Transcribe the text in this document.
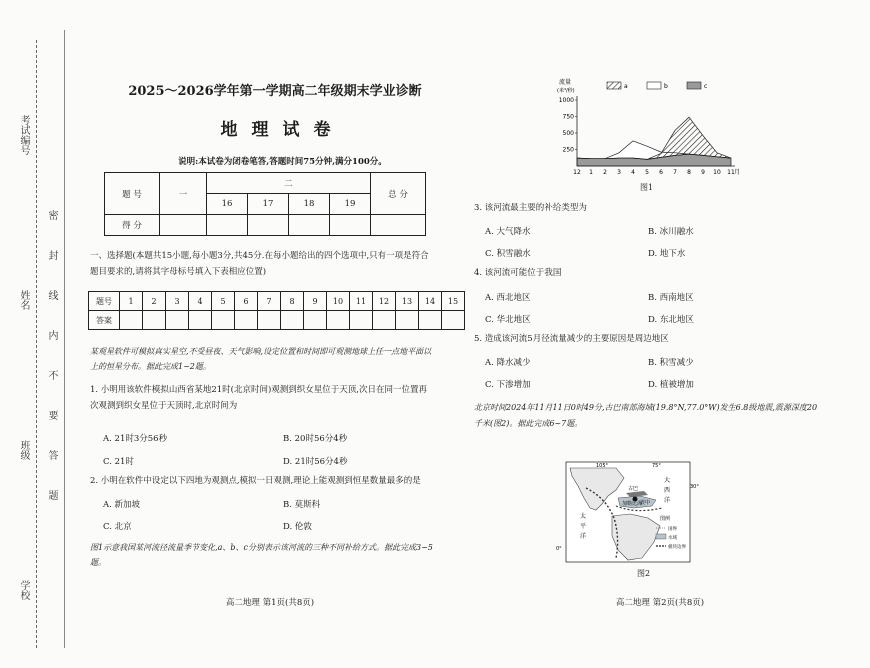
考试编号
姓名
班级
学校
密
封
线
内
不
要
答
题
2025～2026学年第一学期高二年级期末学业诊断
地理试卷
说明:本试卷为闭卷笔答,答题时间75分钟,满分100分。
题 号	一	二				总 分
		16	17	18	19	
得 分						
一、选择题(本题共15小题,每小题3分,共45分.在每小题给出的四个选项中,只有一项是符合题目要求的,请将其字母标号填入下表相应位置)
题号	1	2	3	4	5	6	7	8	9	10	11	12	13	14	15
答案															
某观星软件可模拟真实星空,不受昼夜、天气影响,设定位置和时间即可观测地球上任一点地平面以上的恒星分布。据此完成1~2题。
1. 小明用该软件模拟山西省某地21时(北京时间)观测到织女星位于天顶,次日在同一位置再次观测到织女星位于天顶时,北京时间为
A. 21时3分56秒	B. 20时56分4秒
C. 21时	D. 21时56分4秒
2. 小明在软件中设定以下四地为观测点,模拟一日观测,理论上能观测到恒星数量最多的是
A. 新加坡	B. 莫斯科
C. 北京	D. 伦敦
图1示意我国某河流径流量季节变化,a、b、c分别表示该河流的三种不同补给方式。据此完成3~5题。
高二地理 第1页(共8页)
流量
(米³/秒)
a	b	c
250
500
750
1000
12 1 2 3 4 5 6 7 8 9 10 11 月
图1
3. 该河流最主要的补给类型为
A. 大气降水	B. 冰川融水
C. 积雪融水	D. 地下水
4. 该河流可能位于我国
A. 西北地区	B. 西南地区
C. 华北地区	D. 东北地区
5. 造成该河流5月径流量减少的主要原因是周边地区
A. 降水减少	B. 积雪减少
C. 下渗增加	D. 植被增加
北京时间2024年11月11日0时49分,古巴南部海域(19.8°N,77.0°W)发生6.8级地震,震源深度20千米(图2)。据此完成6~7题。
105°	75°
30°
0°
古巴
加勒比海
震中
太
平
洋
大
西
洋
图例
国界
水域
板块边界
图2
高二地理 第2页(共8页)
